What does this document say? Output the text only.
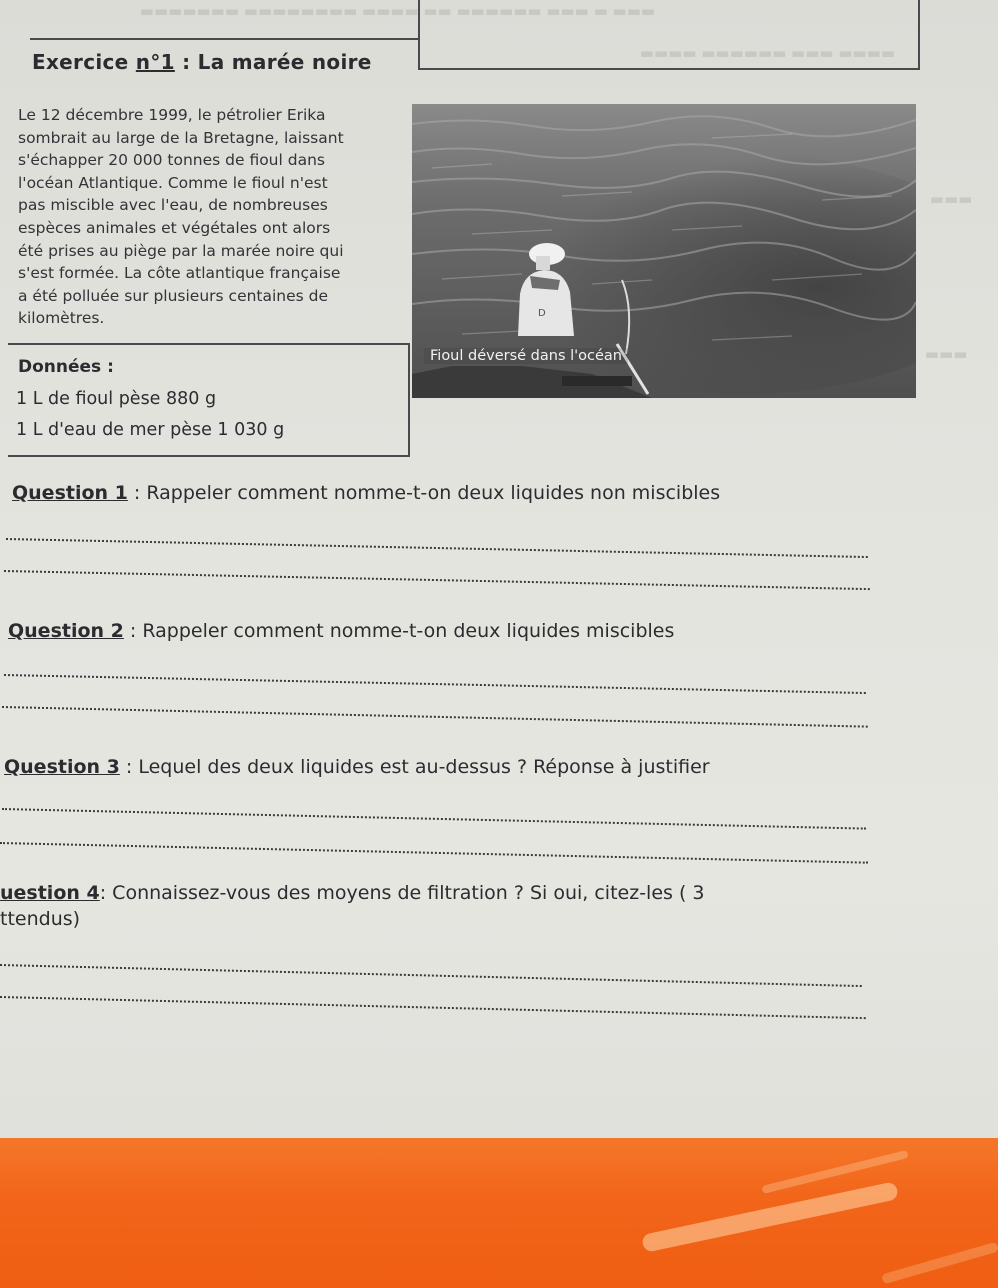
▬▬▬ ▬ ▬▬▬ ▬▬▬▬▬▬ ▬▬ ▬▬▬▬ ▬▬▬▬▬▬▬▬ ▬▬▬▬▬▬▬
▬▬▬▬ ▬▬▬ ▬▬▬▬▬▬ ▬▬▬▬
▬▬▬
▬▬▬
Exercice n°1 : La marée noire
Le 12 décembre 1999, le pétrolier Erika
sombrait au large de la Bretagne, laissant
s'échapper 20 000 tonnes de fioul dans
l'océan Atlantique. Comme le fioul n'est
pas miscible avec l'eau, de nombreuses
espèces animales et végétales ont alors
été prises au piège par la marée noire qui
s'est formée. La côte atlantique française
a été polluée sur plusieurs centaines de
kilomètres.	D
Fioul déversé dans l'océan
Données :
1 L de fioul pèse 880 g
1 L d'eau de mer pèse 1 030 g
Question 1 : Rappeler comment nomme-t-on deux liquides non miscibles
Question 2 : Rappeler comment nomme-t-on deux liquides miscibles
Question 3 : Lequel des deux liquides est au-dessus ? Réponse à justifier
uestion 4: Connaissez-vous des moyens de filtration ? Si oui, citez-les ( 3
ttendus)
